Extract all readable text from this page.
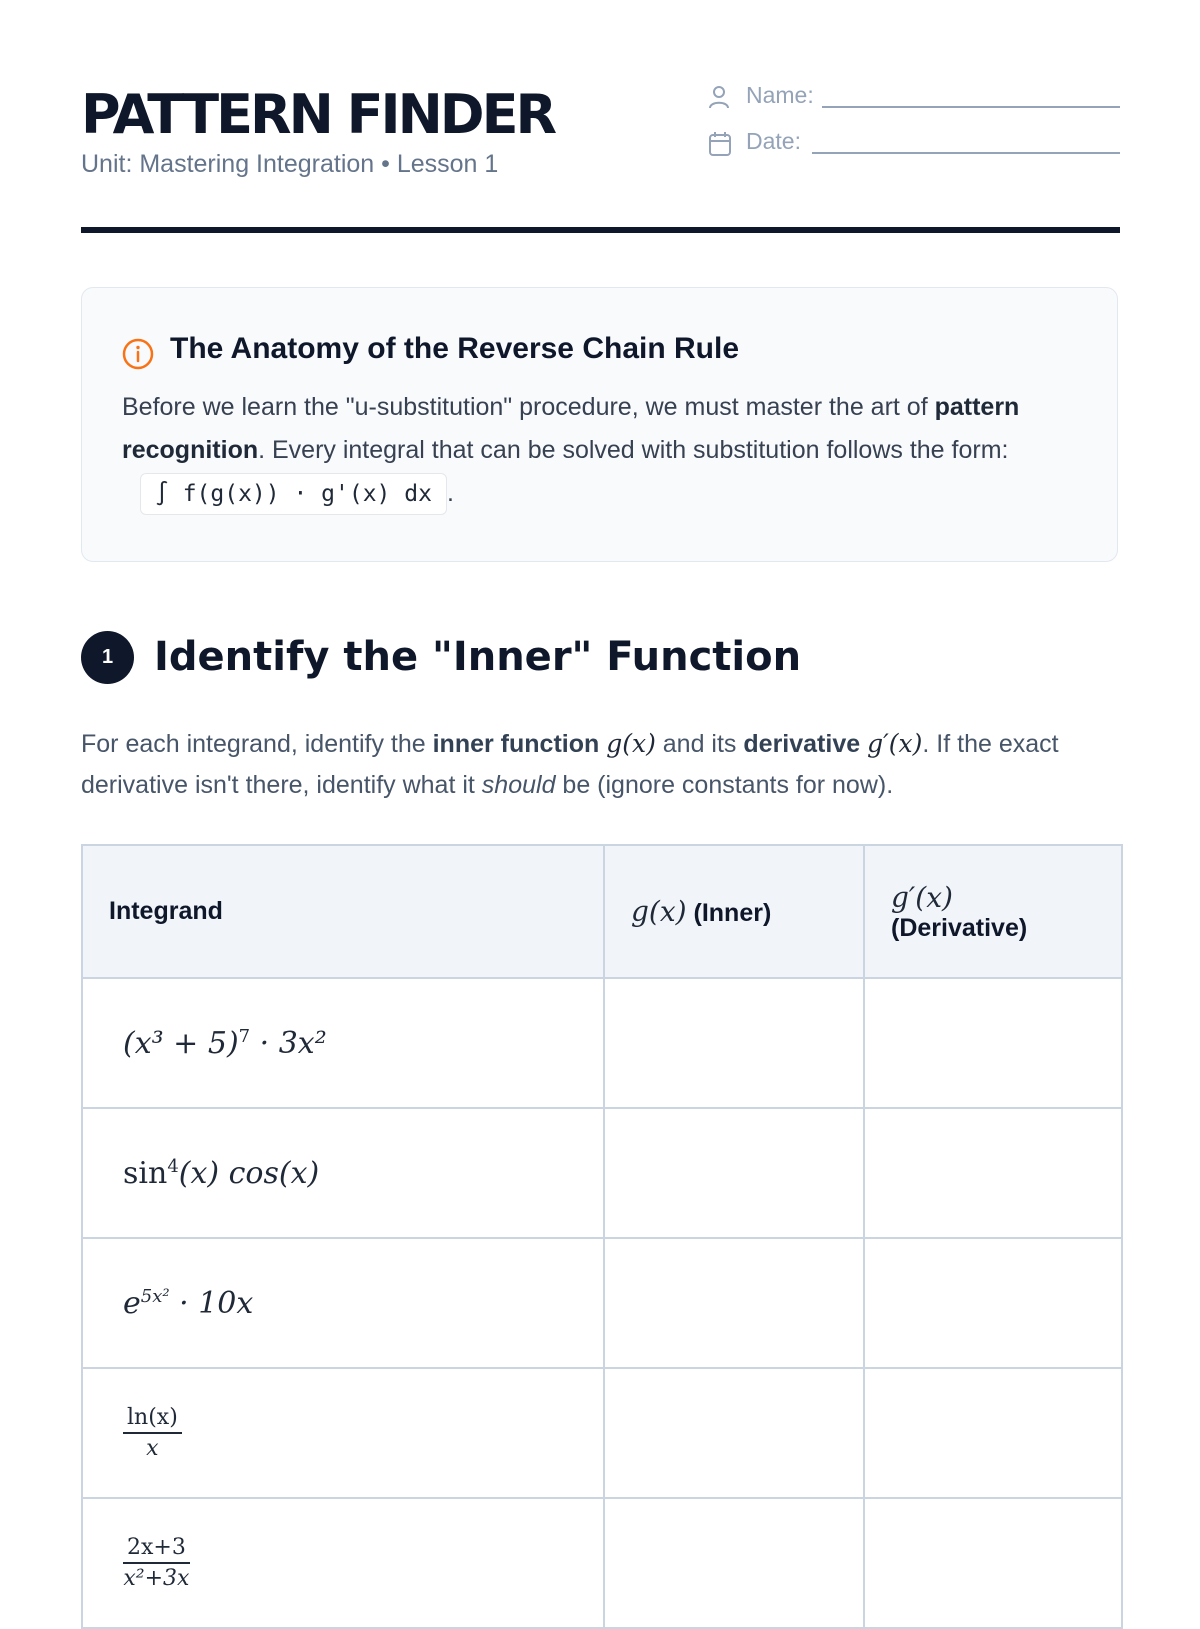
PATTERN FINDER
Unit: Mastering Integration • Lesson 1
Name:
Date:
The Anatomy of the Reverse Chain Rule
Before we learn the "u-substitution" procedure, we must master the art of pattern recognition. Every integral that can be solved with substitution follows the form:∫ f(g(x)) · g'(x) dx .
1	Identify the "Inner" Function
For each integrand, identify the inner function g(x) and its derivative g′(x). If the exact derivative isn't there, identify what it should be (ignore constants for now).
Integrand	g(x) (Inner)	g′(x)
(Derivative)
$(x^3 + 5)^7 \cdot 3x^2$		
$\sin^4(x)$ cos(x)		
$e^{5x^2} \cdot 10x$		

$\frac{\ln(x)}{x}$

$\frac{2x+3}{\text{x²+3x}}$
